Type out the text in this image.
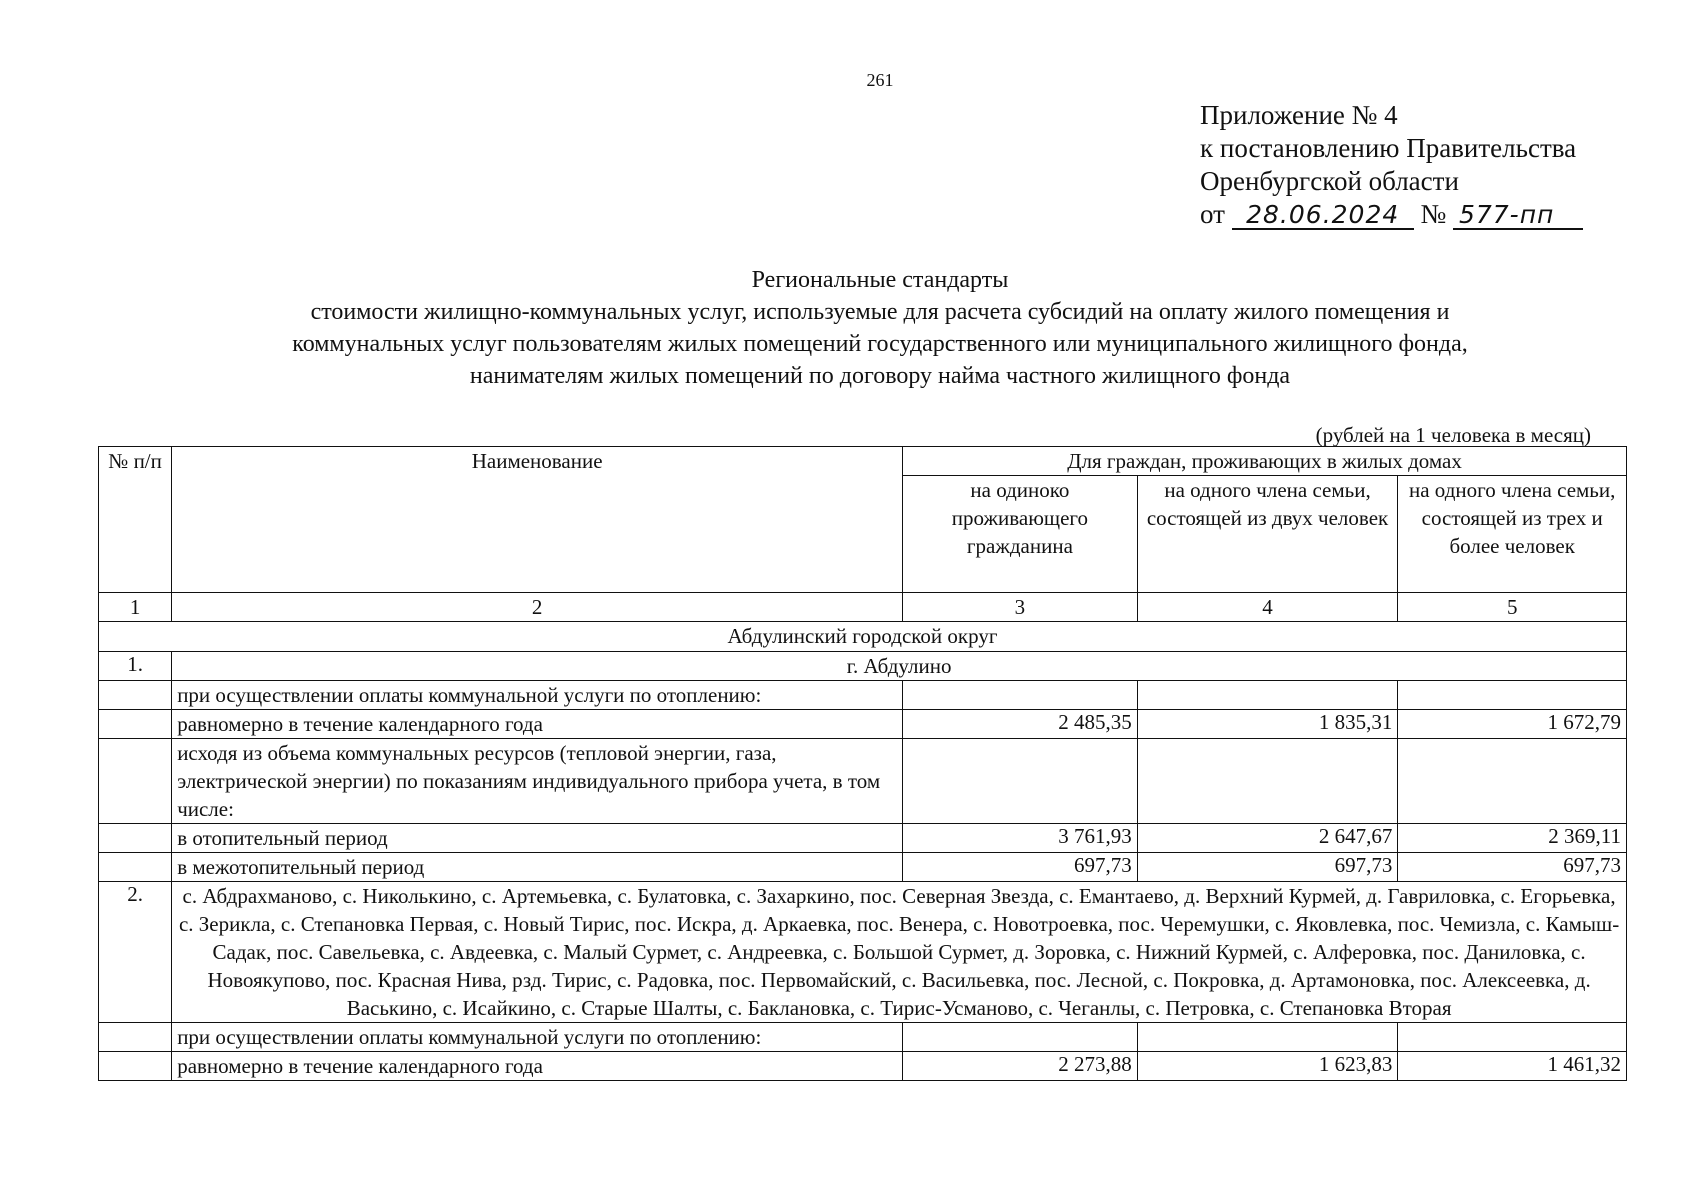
261
Приложение № 4
к постановлению Правительства
Оренбургской области
от 28.06.2024 № 577-пп
Региональные стандарты
стоимости жилищно-коммунальных услуг, используемые для расчета субсидий на оплату жилого помещения и
коммунальных услуг пользователям жилых помещений государственного или муниципального жилищного фонда,
нанимателям жилых помещений по договору найма частного жилищного фонда
(рублей на 1 человека в месяц)
№ п/п	Наименование	Для граждан, проживающих в жилых домах		
		на одиноко проживающего гражданина	на одного члена семьи, состоящей из двух человек	на одного члена семьи, состоящей из трех и более человек
1	2	3	4	5
Абдулинский городской округ				
1.	г. Абдулино			
	при осуществлении оплаты коммунальной услуги по отоплению:			
	равномерно в течение календарного года	2 485,35	1 835,31	1 672,79
	исходя из объема коммунальных ресурсов (тепловой энергии, газа, электрической энергии) по показаниям индивидуального прибора учета, в том числе:			
	в отопительный период	3 761,93	2 647,67	2 369,11
	в межотопительный период	697,73	697,73	697,73
2.	с. Абдрахманово, с. Николькино, с. Артемьевка, с. Булатовка, с. Захаркино, пос. Северная Звезда, с. Емантаево, д. Верхний Курмей, д. Гавриловка, с. Егорьевка, с. Зерикла, с. Степановка Первая, с. Новый Тирис, пос. Искра, д. Аркаевка, пос. Венера, с. Новотроевка, пос. Черемушки, с. Яковлевка, пос. Чемизла, с. Камыш-Садак, пос. Савельевка, с. Авдеевка, с. Малый Сурмет, с. Андреевка, с. Большой Сурмет, д. Зоровка, с. Нижний Курмей, с. Алферовка, пос. Даниловка, с. Новоякупово, пос. Красная Нива, рзд. Тирис, с. Радовка, пос. Первомайский, с. Васильевка, пос. Лесной, с. Покровка, д. Артамоновка, пос. Алексеевка, д. Васькино, с. Исайкино, с. Старые Шалты, с. Баклановка, с. Тирис-Усманово, с. Чеганлы, с. Петровка, с. Степановка Вторая			
	при осуществлении оплаты коммунальной услуги по отоплению:			
	равномерно в течение календарного года	2 273,88	1 623,83	1 461,32
